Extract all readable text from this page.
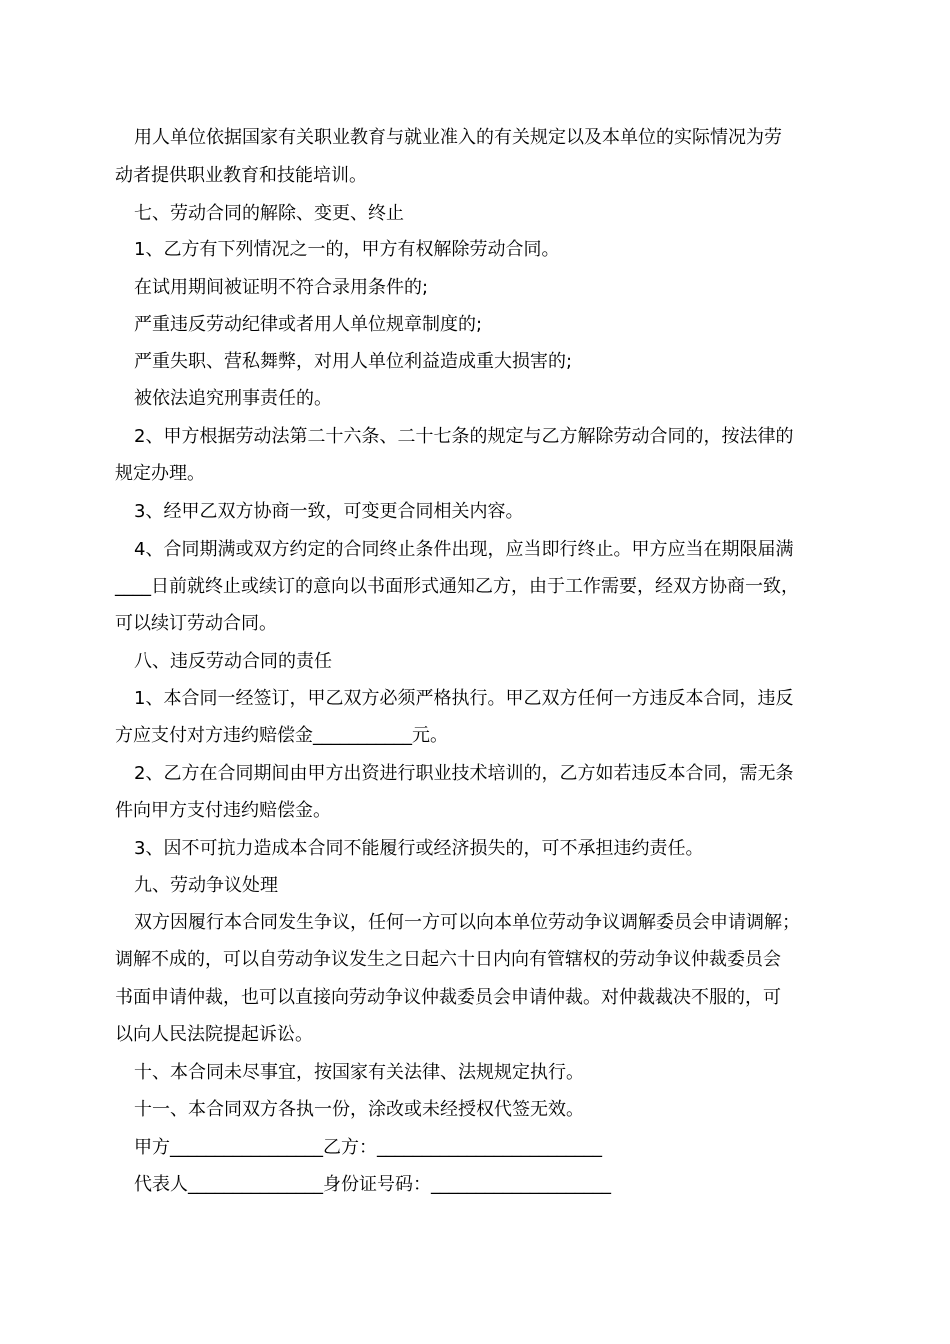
用人单位依据国家有关职业教育与就业准入的有关规定以及本单位的实际情况为劳
动者提供职业教育和技能培训。
七、劳动合同的解除、变更、终止
1、乙方有下列情况之一的，甲方有权解除劳动合同。
在试用期间被证明不符合录用条件的;
严重违反劳动纪律或者用人单位规章制度的;
严重失职、营私舞弊，对用人单位利益造成重大损害的;
被依法追究刑事责任的。
2、甲方根据劳动法第二十六条、二十七条的规定与乙方解除劳动合同的，按法律的
规定办理。
3、经甲乙双方协商一致，可变更合同相关内容。
4、合同期满或双方约定的合同终止条件出现，应当即行终止。甲方应当在期限届满
____日前就终止或续订的意向以书面形式通知乙方，由于工作需要，经双方协商一致，
可以续订劳动合同。
八、违反劳动合同的责任
1、本合同一经签订，甲乙双方必须严格执行。甲乙双方任何一方违反本合同，违反
方应支付对方违约赔偿金___________元。
2、乙方在合同期间由甲方出资进行职业技术培训的，乙方如若违反本合同，需无条
件向甲方支付违约赔偿金。
3、因不可抗力造成本合同不能履行或经济损失的，可不承担违约责任。
九、劳动争议处理
双方因履行本合同发生争议，任何一方可以向本单位劳动争议调解委员会申请调解；
调解不成的，可以自劳动争议发生之日起六十日内向有管辖权的劳动争议仲裁委员会
书面申请仲裁，也可以直接向劳动争议仲裁委员会申请仲裁。对仲裁裁决不服的，可
以向人民法院提起诉讼。
十、本合同未尽事宜，按国家有关法律、法规规定执行。
十一、本合同双方各执一份，涂改或未经授权代签无效。
甲方_________________乙方：_________________________
代表人_______________身份证号码：____________________
